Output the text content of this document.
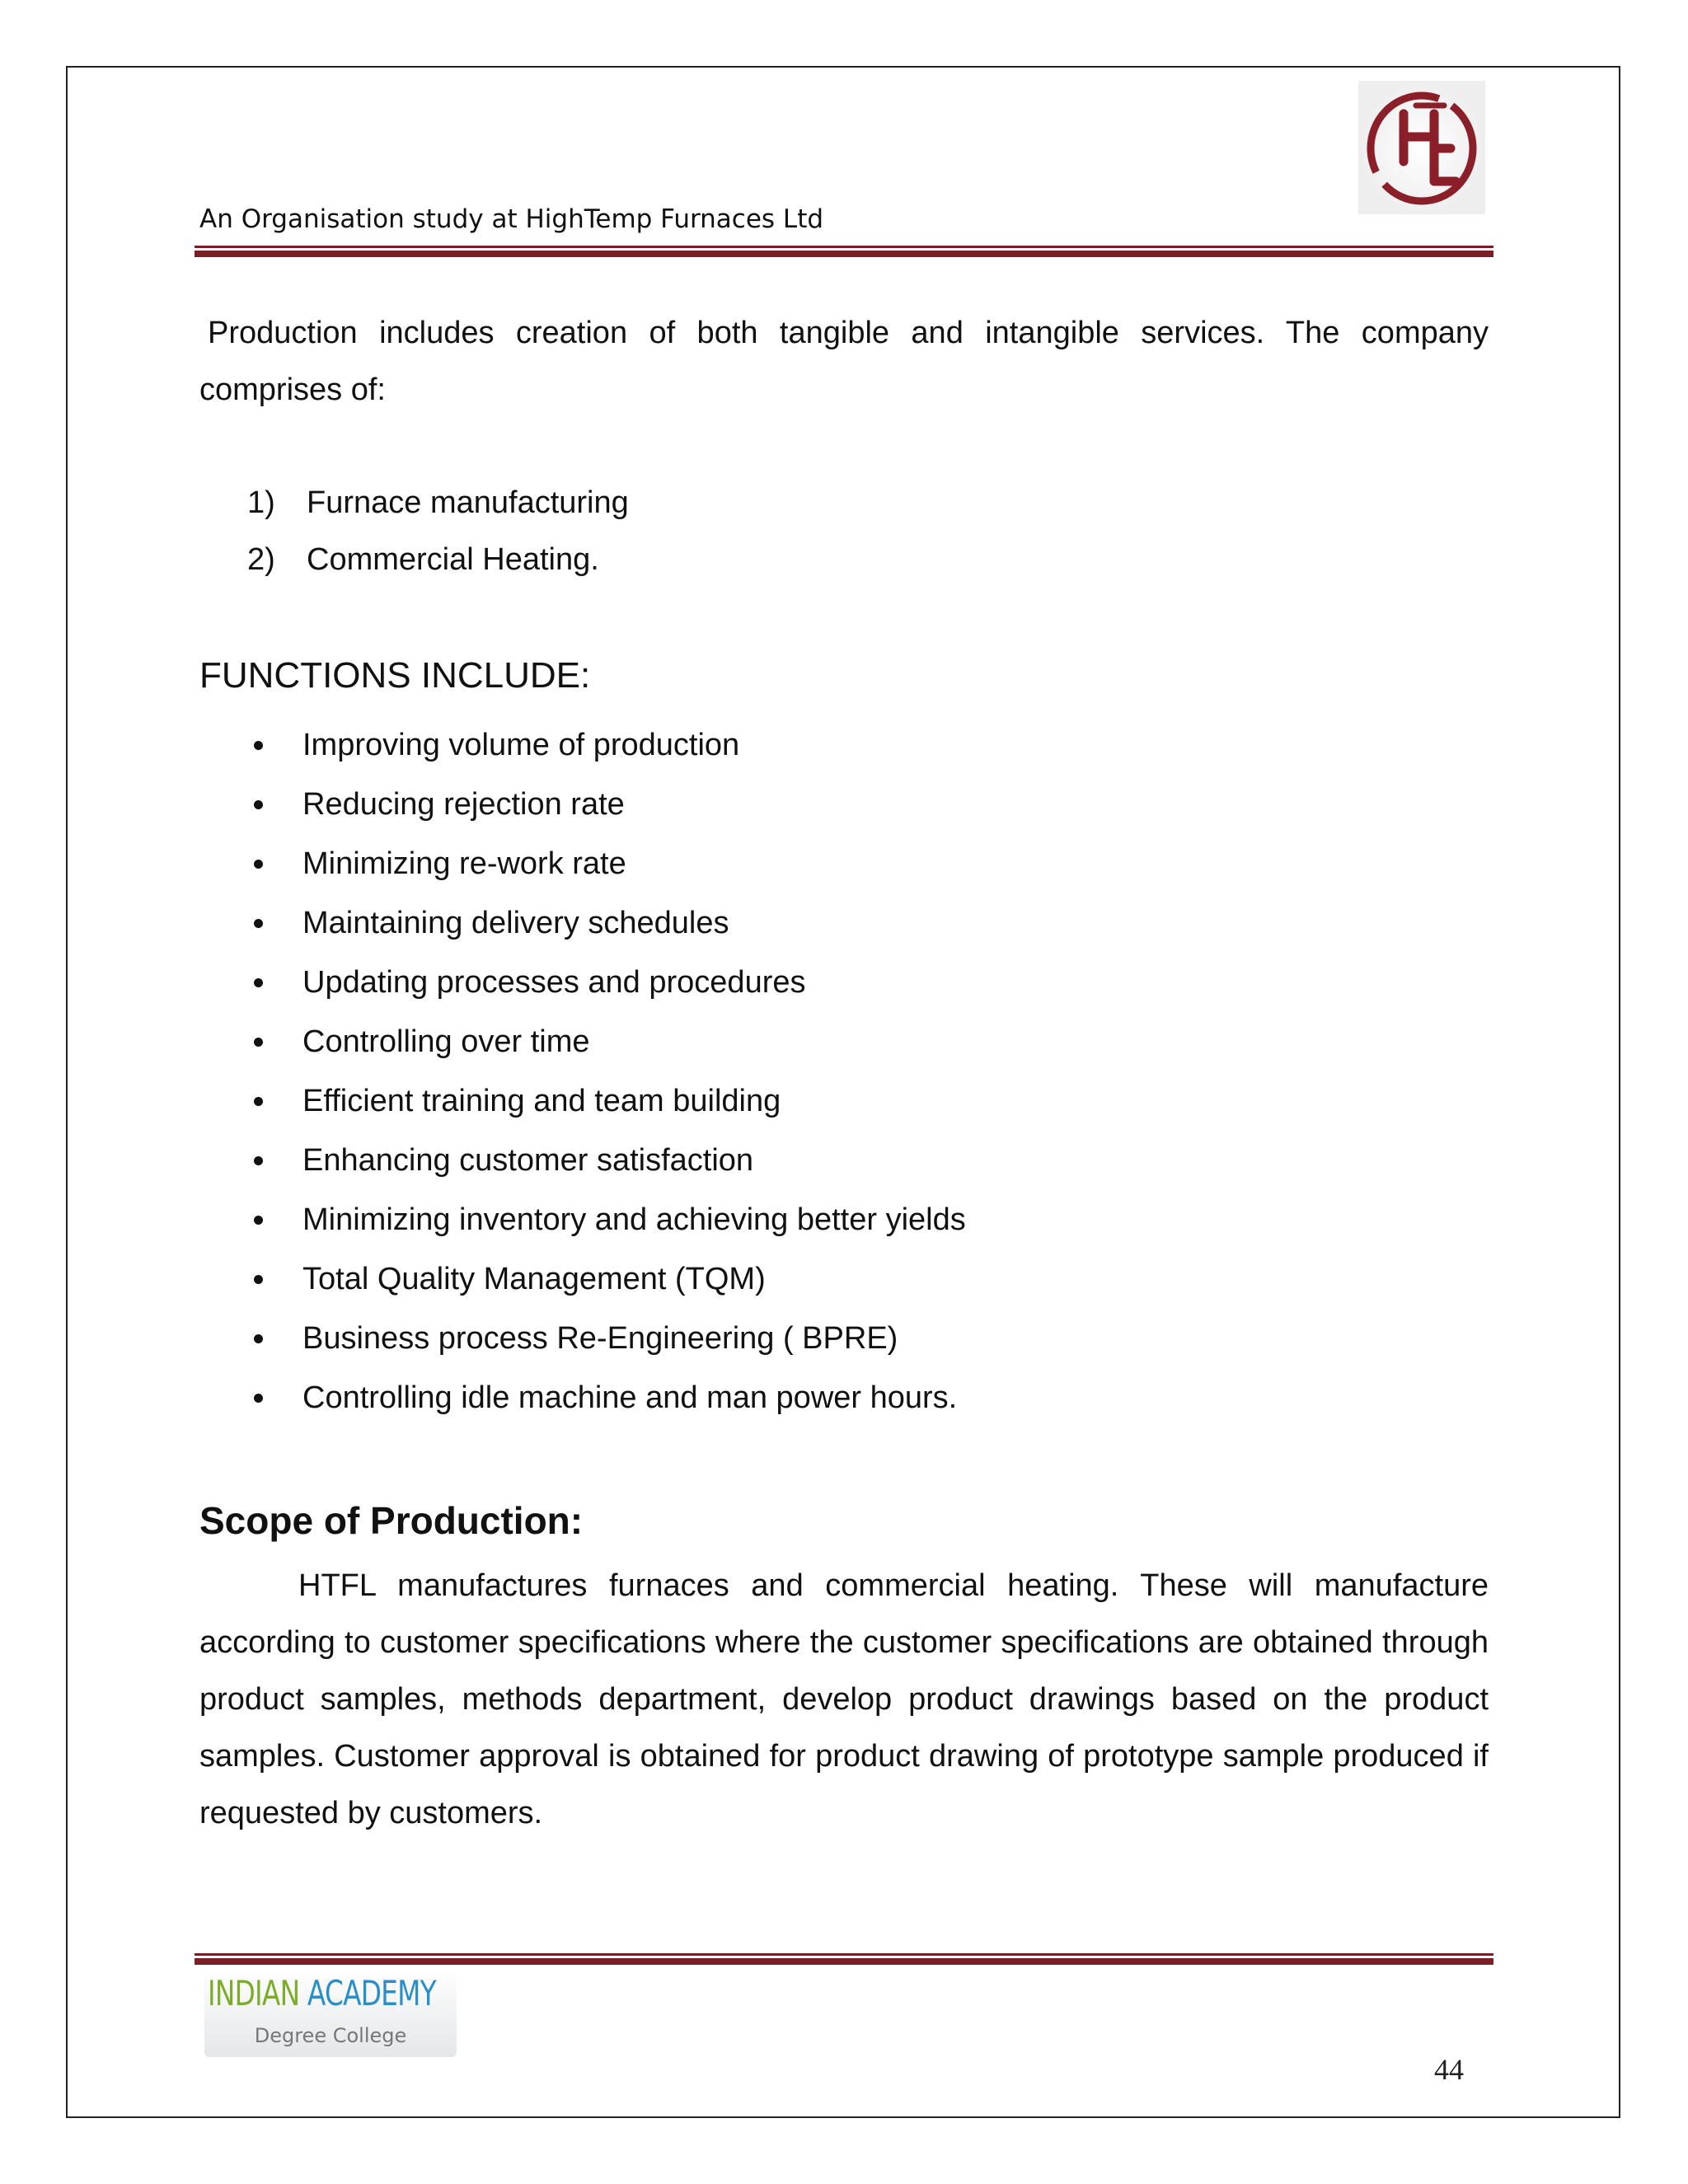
An Organisation study at HighTemp Furnaces Ltd
Production includes creation of both tangible and intangible services. The company comprises of:
1)	Furnace manufacturing
2)	Commercial Heating.
FUNCTIONS INCLUDE:
Improving volume of production
Reducing rejection rate
Minimizing re-work rate
Maintaining delivery schedules
Updating processes and procedures
Controlling over time
Efficient training and team building
Enhancing customer satisfaction
Minimizing inventory and achieving better yields
Total Quality Management (TQM)
Business process Re-Engineering ( BPRE)
Controlling idle machine and man power hours.
Scope of Production:
HTFL manufactures furnaces and commercial heating. These will manufacture according to customer specifications where the customer specifications are obtained through product samples, methods department, develop product drawings based on the product samples. Customer approval is obtained for product drawing of prototype sample produced if requested by customers.
INDIAN ACADEMY
Degree College
44
